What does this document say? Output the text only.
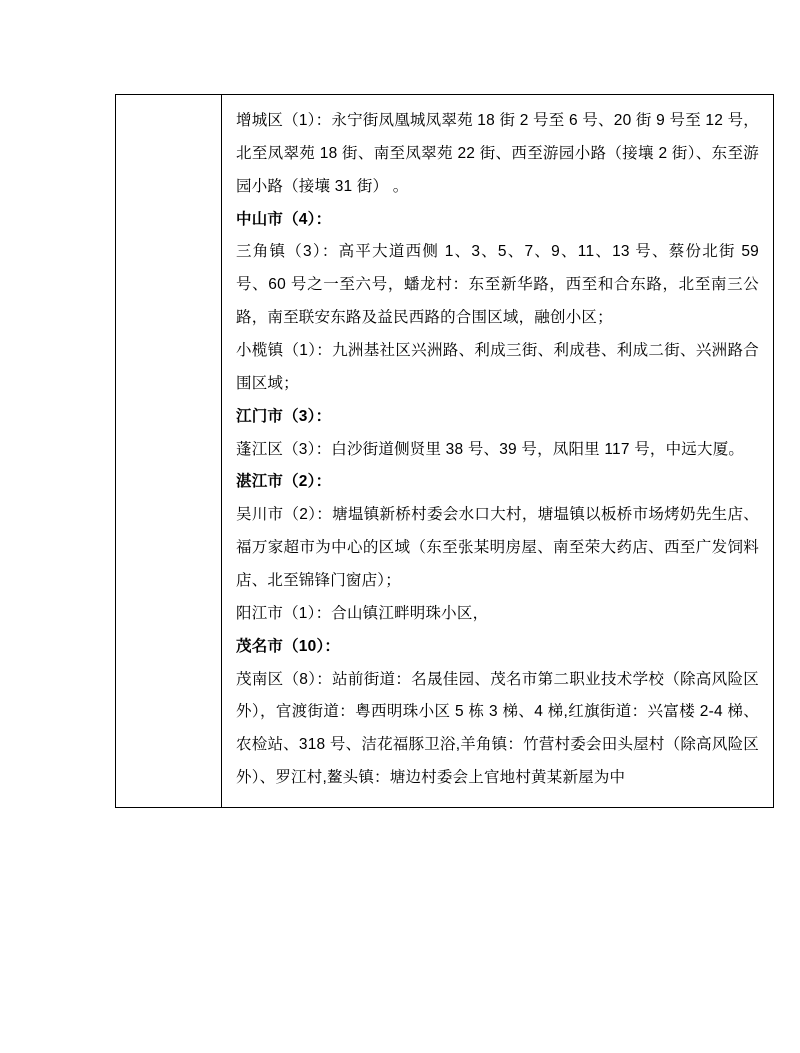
增城区（1）：永宁街凤凰城凤翠苑 18 街 2 号至 6 号、20 街 9 号至 12 号，北至凤翠苑 18 街、南至凤翠苑 22 街、西至游园小路（接壤 2 街）、东至游园小路（接壤 31 街） 。

中山市（4）：

三角镇（3）：高平大道西侧 1、3、5、7、9、11、13 号、蔡份北街 59 号、60 号之一至六号，蟠龙村：东至新华路，西至和合东路，北至南三公路，南至联安东路及益民西路的合围区域，融创小区；

小榄镇（1）：九洲基社区兴洲路、利成三街、利成巷、利成二街、兴洲路合围区域；

江门市（3）：

蓬江区（3）：白沙街道侧贤里 38 号、39 号，凤阳里 117 号，中远大厦。

湛江市（2）：

吴川市（2）：塘塭镇新桥村委会水口大村，塘塭镇以板桥市场烤奶先生店、福万家超市为中心的区域（东至张某明房屋、南至荣大药店、西至广发饲料店、北至锦锋门窗店）；

阳江市（1）：合山镇江畔明珠小区，

茂名市（10）：

茂南区（8）：站前街道：名晟佳园、茂名市第二职业技术学校（除高风险区外），官渡街道：粤西明珠小区 5 栋 3 梯、4 梯,红旗街道：兴富楼 2-4 梯、农检站、318 号、洁花福豚卫浴,羊角镇：竹营村委会田头屋村（除高风险区外）、罗江村,鳌头镇：塘边村委会上官地村黄某新屋为中
